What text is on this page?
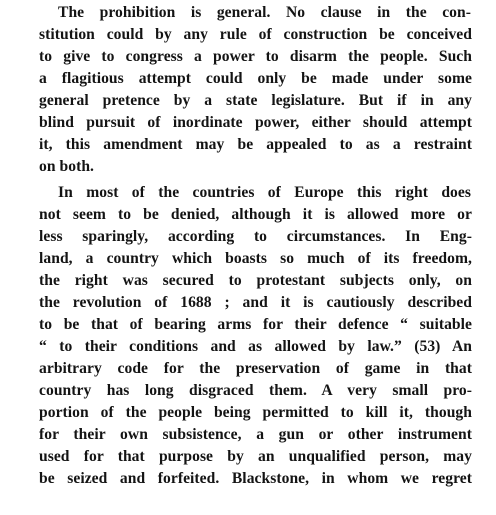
The prohibition is general. No clause in the con-
stitution could by any rule of construction be conceived
to give to congress a power to disarm the people. Such
a flagitious attempt could only be made under some
general pretence by a state legislature. But if in any
blind pursuit of inordinate power, either should attempt
it, this amendment may be appealed to as a restraint
on both.
In most of the countries of Europe this right does
not seem to be denied, although it is allowed more or
less sparingly, according to circumstances. In Eng-
land, a country which boasts so much of its freedom,
the right was secured to protestant subjects only, on
the revolution of 1688 ; and it is cautiously described
to be that of bearing arms for their defence “ suitable
“ to their conditions and as allowed by law.” (53) An
arbitrary code for the preservation of game in that
country has long disgraced them. A very small pro-
portion of the people being permitted to kill it, though
for their own subsistence, a gun or other instrument
used for that purpose by an unqualified person, may
be seized and forfeited. Blackstone, in whom we regret
